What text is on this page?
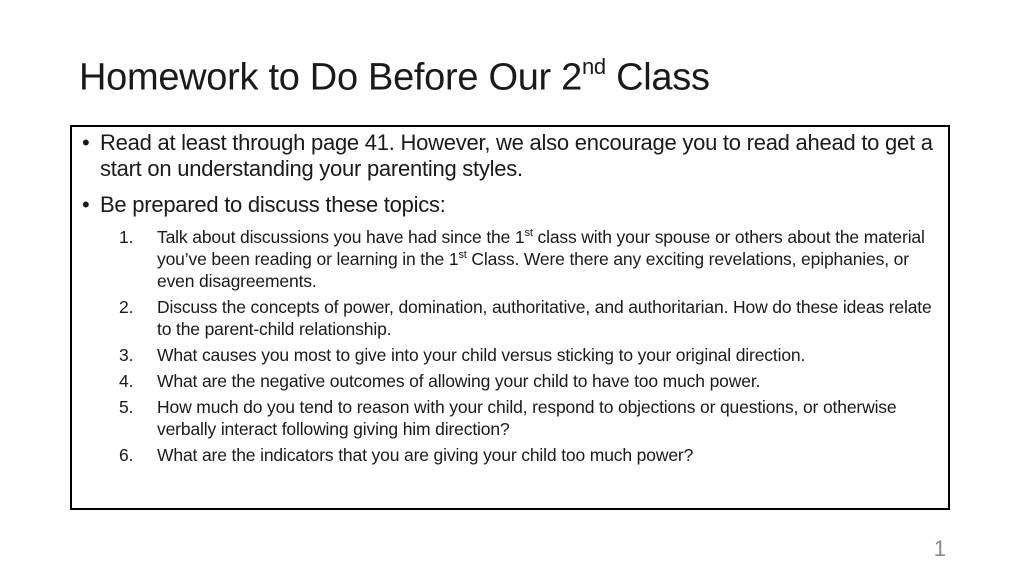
Homework to Do Before Our 2nd Class
• Read at least through page 41. However, we also encourage you to read ahead to get a start on understanding your parenting styles.
• Be prepared to discuss these topics:
1. Talk about discussions you have had since the 1st class with your spouse or others about the material you’ve been reading or learning in the 1st Class. Were there any exciting revelations, epiphanies, or even disagreements.
2. Discuss the concepts of power, domination, authoritative, and authoritarian. How do these ideas relate to the parent-child relationship.
3. What causes you most to give into your child versus sticking to your original direction.
4. What are the negative outcomes of allowing your child to have too much power.
5. How much do you tend to reason with your child, respond to objections or questions, or otherwise verbally interact following giving him direction?
6. What are the indicators that you are giving your child too much power?
1
